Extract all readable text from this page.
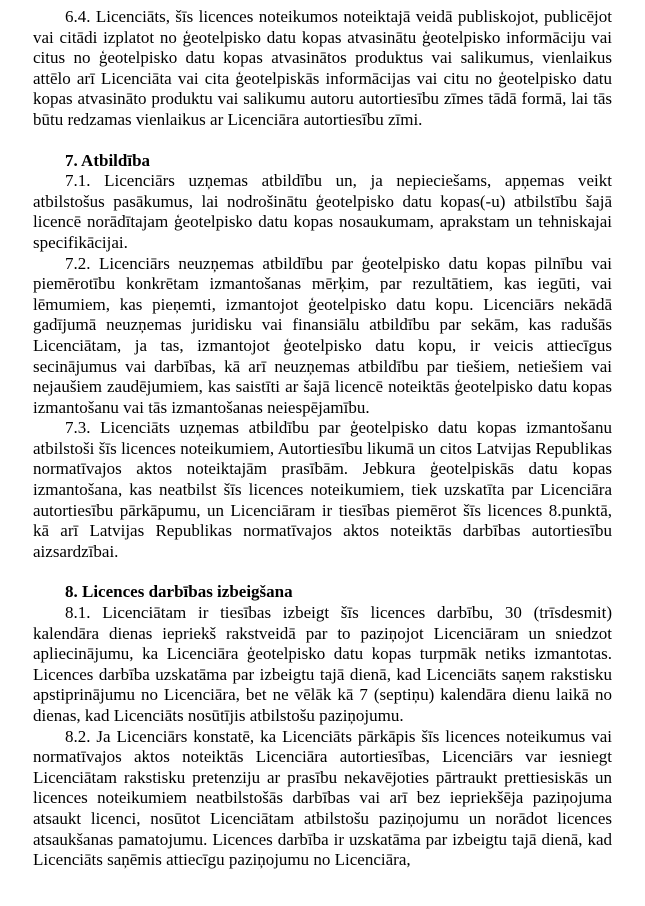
6.4. Licenciāts, šīs licences noteikumos noteiktajā veidā publiskojot, publicējot vai citādi izplatot no ģeotelpisko datu kopas atvasinātu ģeotelpisko informāciju vai citus no ģeotelpisko datu kopas atvasinātos produktus vai salikumus, vienlaikus attēlo arī Licenciāta vai cita ģeotelpiskās informācijas vai citu no ģeotelpisko datu kopas atvasināto produktu vai salikumu autoru autortiesību zīmes tādā formā, lai tās būtu redzamas vienlaikus ar Licenciāra autortiesību zīmi.

7. Atbildība

7.1. Licenciārs uzņemas atbildību un, ja nepieciešams, apņemas veikt atbilstošus pasākumus, lai nodrošinātu ģeotelpisko datu kopas(-u) atbilstību šajā licencē norādītajam ģeotelpisko datu kopas nosaukumam, aprakstam un tehniskajai specifikācijai.

7.2. Licenciārs neuzņemas atbildību par ģeotelpisko datu kopas pilnību vai piemērotību konkrētam izmantošanas mērķim, par rezultātiem, kas iegūti, vai lēmumiem, kas pieņemti, izmantojot ģeotelpisko datu kopu. Licenciārs nekādā gadījumā neuzņemas juridisku vai finansiālu atbildību par sekām, kas radušās Licenciātam, ja tas, izmantojot ģeotelpisko datu kopu, ir veicis attiecīgus secinājumus vai darbības, kā arī neuzņemas atbildību par tiešiem, netiešiem vai nejaušiem zaudējumiem, kas saistīti ar šajā licencē noteiktās ģeotelpisko datu kopas izmantošanu vai tās izmantošanas neiespējamību.

7.3. Licenciāts uzņemas atbildību par ģeotelpisko datu kopas izmantošanu atbilstoši šīs licences noteikumiem, Autortiesību likumā un citos Latvijas Republikas normatīvajos aktos noteiktajām prasībām. Jebkura ģeotelpiskās datu kopas izmantošana, kas neatbilst šīs licences noteikumiem, tiek uzskatīta par Licenciāra autortiesību pārkāpumu, un Licenciāram ir tiesības piemērot šīs licences 8.punktā, kā arī Latvijas Republikas normatīvajos aktos noteiktās darbības autortiesību aizsardzībai.

8. Licences darbības izbeigšana

8.1. Licenciātam ir tiesības izbeigt šīs licences darbību, 30 (trīsdesmit) kalendāra dienas iepriekš rakstveidā par to paziņojot Licenciāram un sniedzot apliecinājumu, ka Licenciāra ģeotelpisko datu kopas turpmāk netiks izmantotas. Licences darbība uzskatāma par izbeigtu tajā dienā, kad Licenciāts saņem rakstisku apstiprinājumu no Licenciāra, bet ne vēlāk kā 7 (septiņu) kalendāra dienu laikā no dienas, kad Licenciāts nosūtījis atbilstošu paziņojumu.

8.2. Ja Licenciārs konstatē, ka Licenciāts pārkāpis šīs licences noteikumus vai normatīvajos aktos noteiktās Licenciāra autortiesības, Licenciārs var iesniegt Licenciātam rakstisku pretenziju ar prasību nekavējoties pārtraukt prettiesiskās un licences noteikumiem neatbilstošās darbības vai arī bez iepriekšēja paziņojuma atsaukt licenci, nosūtot Licenciātam atbilstošu paziņojumu un norādot licences atsaukšanas pamatojumu. Licences darbība ir uzskatāma par izbeigtu tajā dienā, kad Licenciāts saņēmis attiecīgu paziņojumu no Licenciāra,
